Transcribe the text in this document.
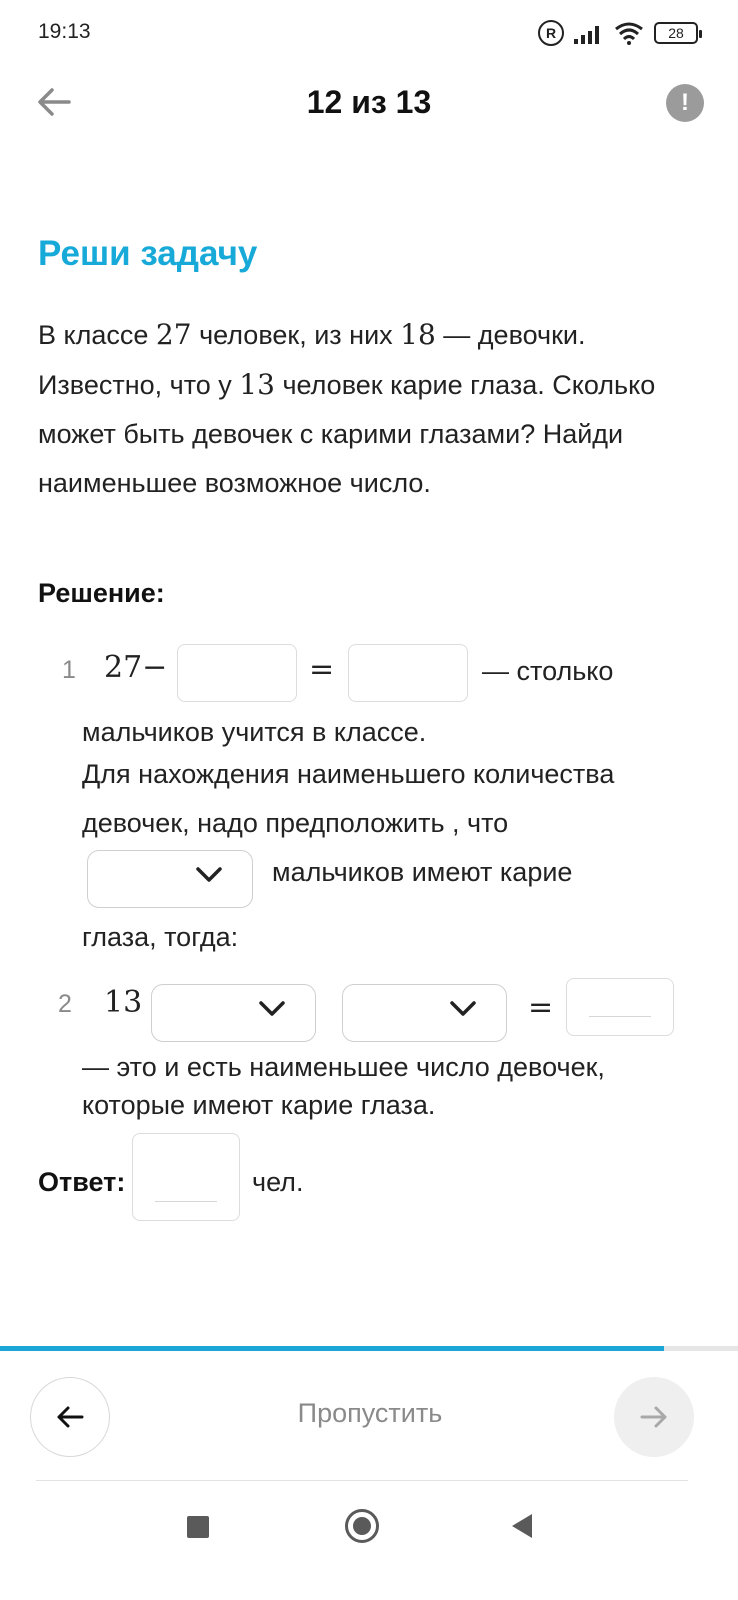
19:13	R	28
12 из 13	!
Реши задачу
В классе 27 человек, из них 18 — девочки. Известно, что у 13 человек карие глаза. Сколько может быть девочек с карими глазами? Найди наименьшее возможное число.
Решение:
1 27−	=	— столько
мальчиков учится в классе.
Для нахождения наименьшего количества
девочек, надо предположить , что
мальчиков имеют карие
глаза, тогда:
2 13	=
— это и есть наименьшее число девочек,
которые имеют карие глаза.
Ответ:	чел.
Пропустить
